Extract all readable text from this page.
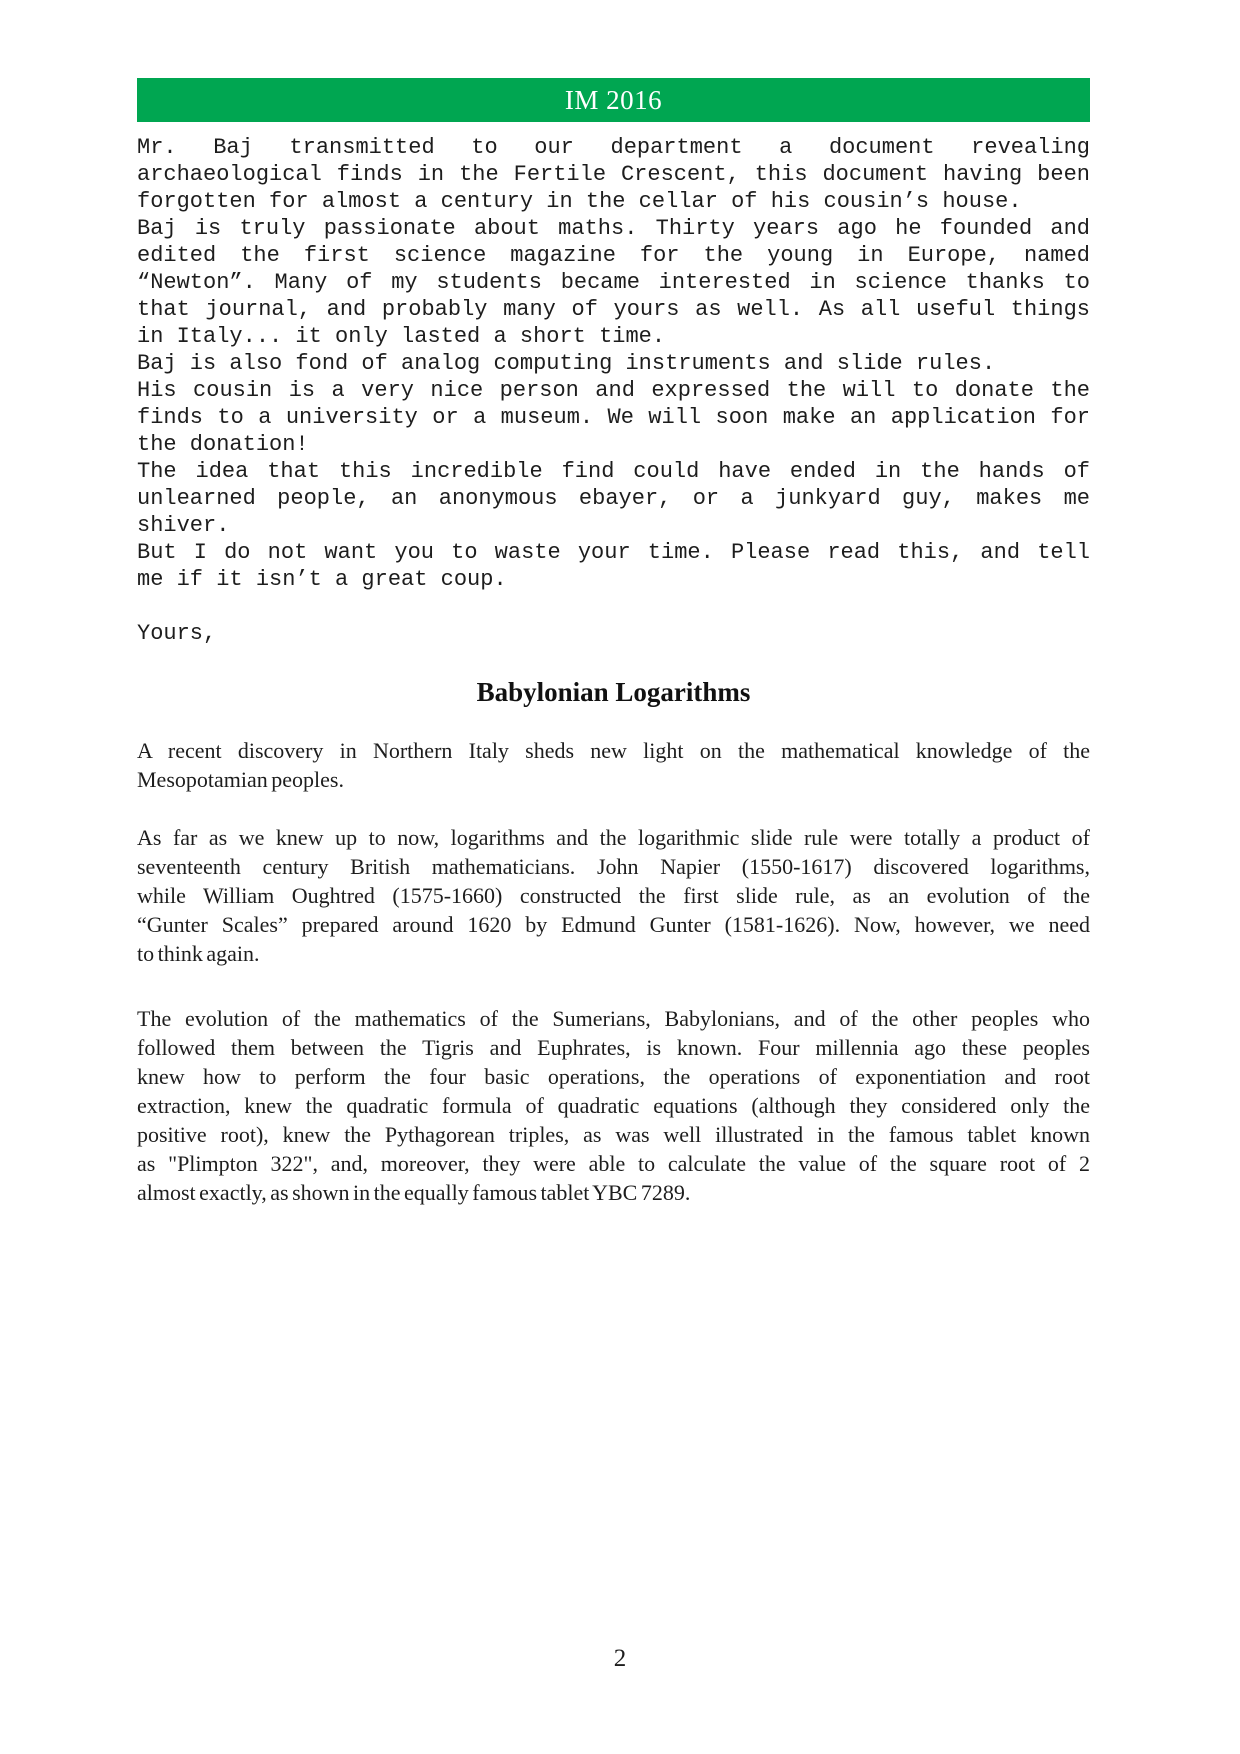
IM 2016
Mr. Baj transmitted to our department a document revealing
archaeological finds in the Fertile Crescent, this document having been
forgotten for almost a century in the cellar of his cousin’s house.
Baj is truly passionate about maths. Thirty years ago he founded and
edited the first science magazine for the young in Europe, named
“Newton”. Many of my students became interested in science thanks to
that journal, and probably many of yours as well. As all useful things
in Italy... it only lasted a short time.
Baj is also fond of analog computing instruments and slide rules.
His cousin is a very nice person and expressed the will to donate the
finds to a university or a museum. We will soon make an application for
the donation!
The idea that this incredible find could have ended in the hands of
unlearned people, an anonymous ebayer, or a junkyard guy, makes me
shiver.
But I do not want you to waste your time. Please read this, and tell
me if it isn’t a great coup.
Yours,
Babylonian Logarithms
A recent discovery in Northern Italy sheds new light on the mathematical knowledge of the
Mesopotamian peoples.
As far as we knew up to now, logarithms and the logarithmic slide rule were totally a product of
seventeenth century British mathematicians. John Napier (1550-1617) discovered logarithms,
while William Oughtred (1575-1660) constructed the first slide rule, as an evolution of the
“Gunter Scales” prepared around 1620 by Edmund Gunter (1581-1626). Now, however, we need
to think again.
The evolution of the mathematics of the Sumerians, Babylonians, and of the other peoples who
followed them between the Tigris and Euphrates, is known. Four millennia ago these peoples
knew how to perform the four basic operations, the operations of exponentiation and root
extraction, knew the quadratic formula of quadratic equations (although they considered only the
positive root), knew the Pythagorean triples, as was well illustrated in the famous tablet known
as "Plimpton 322", and, moreover, they were able to calculate the value of the square root of 2
almost exactly, as shown in the equally famous tablet YBC 7289.
2
